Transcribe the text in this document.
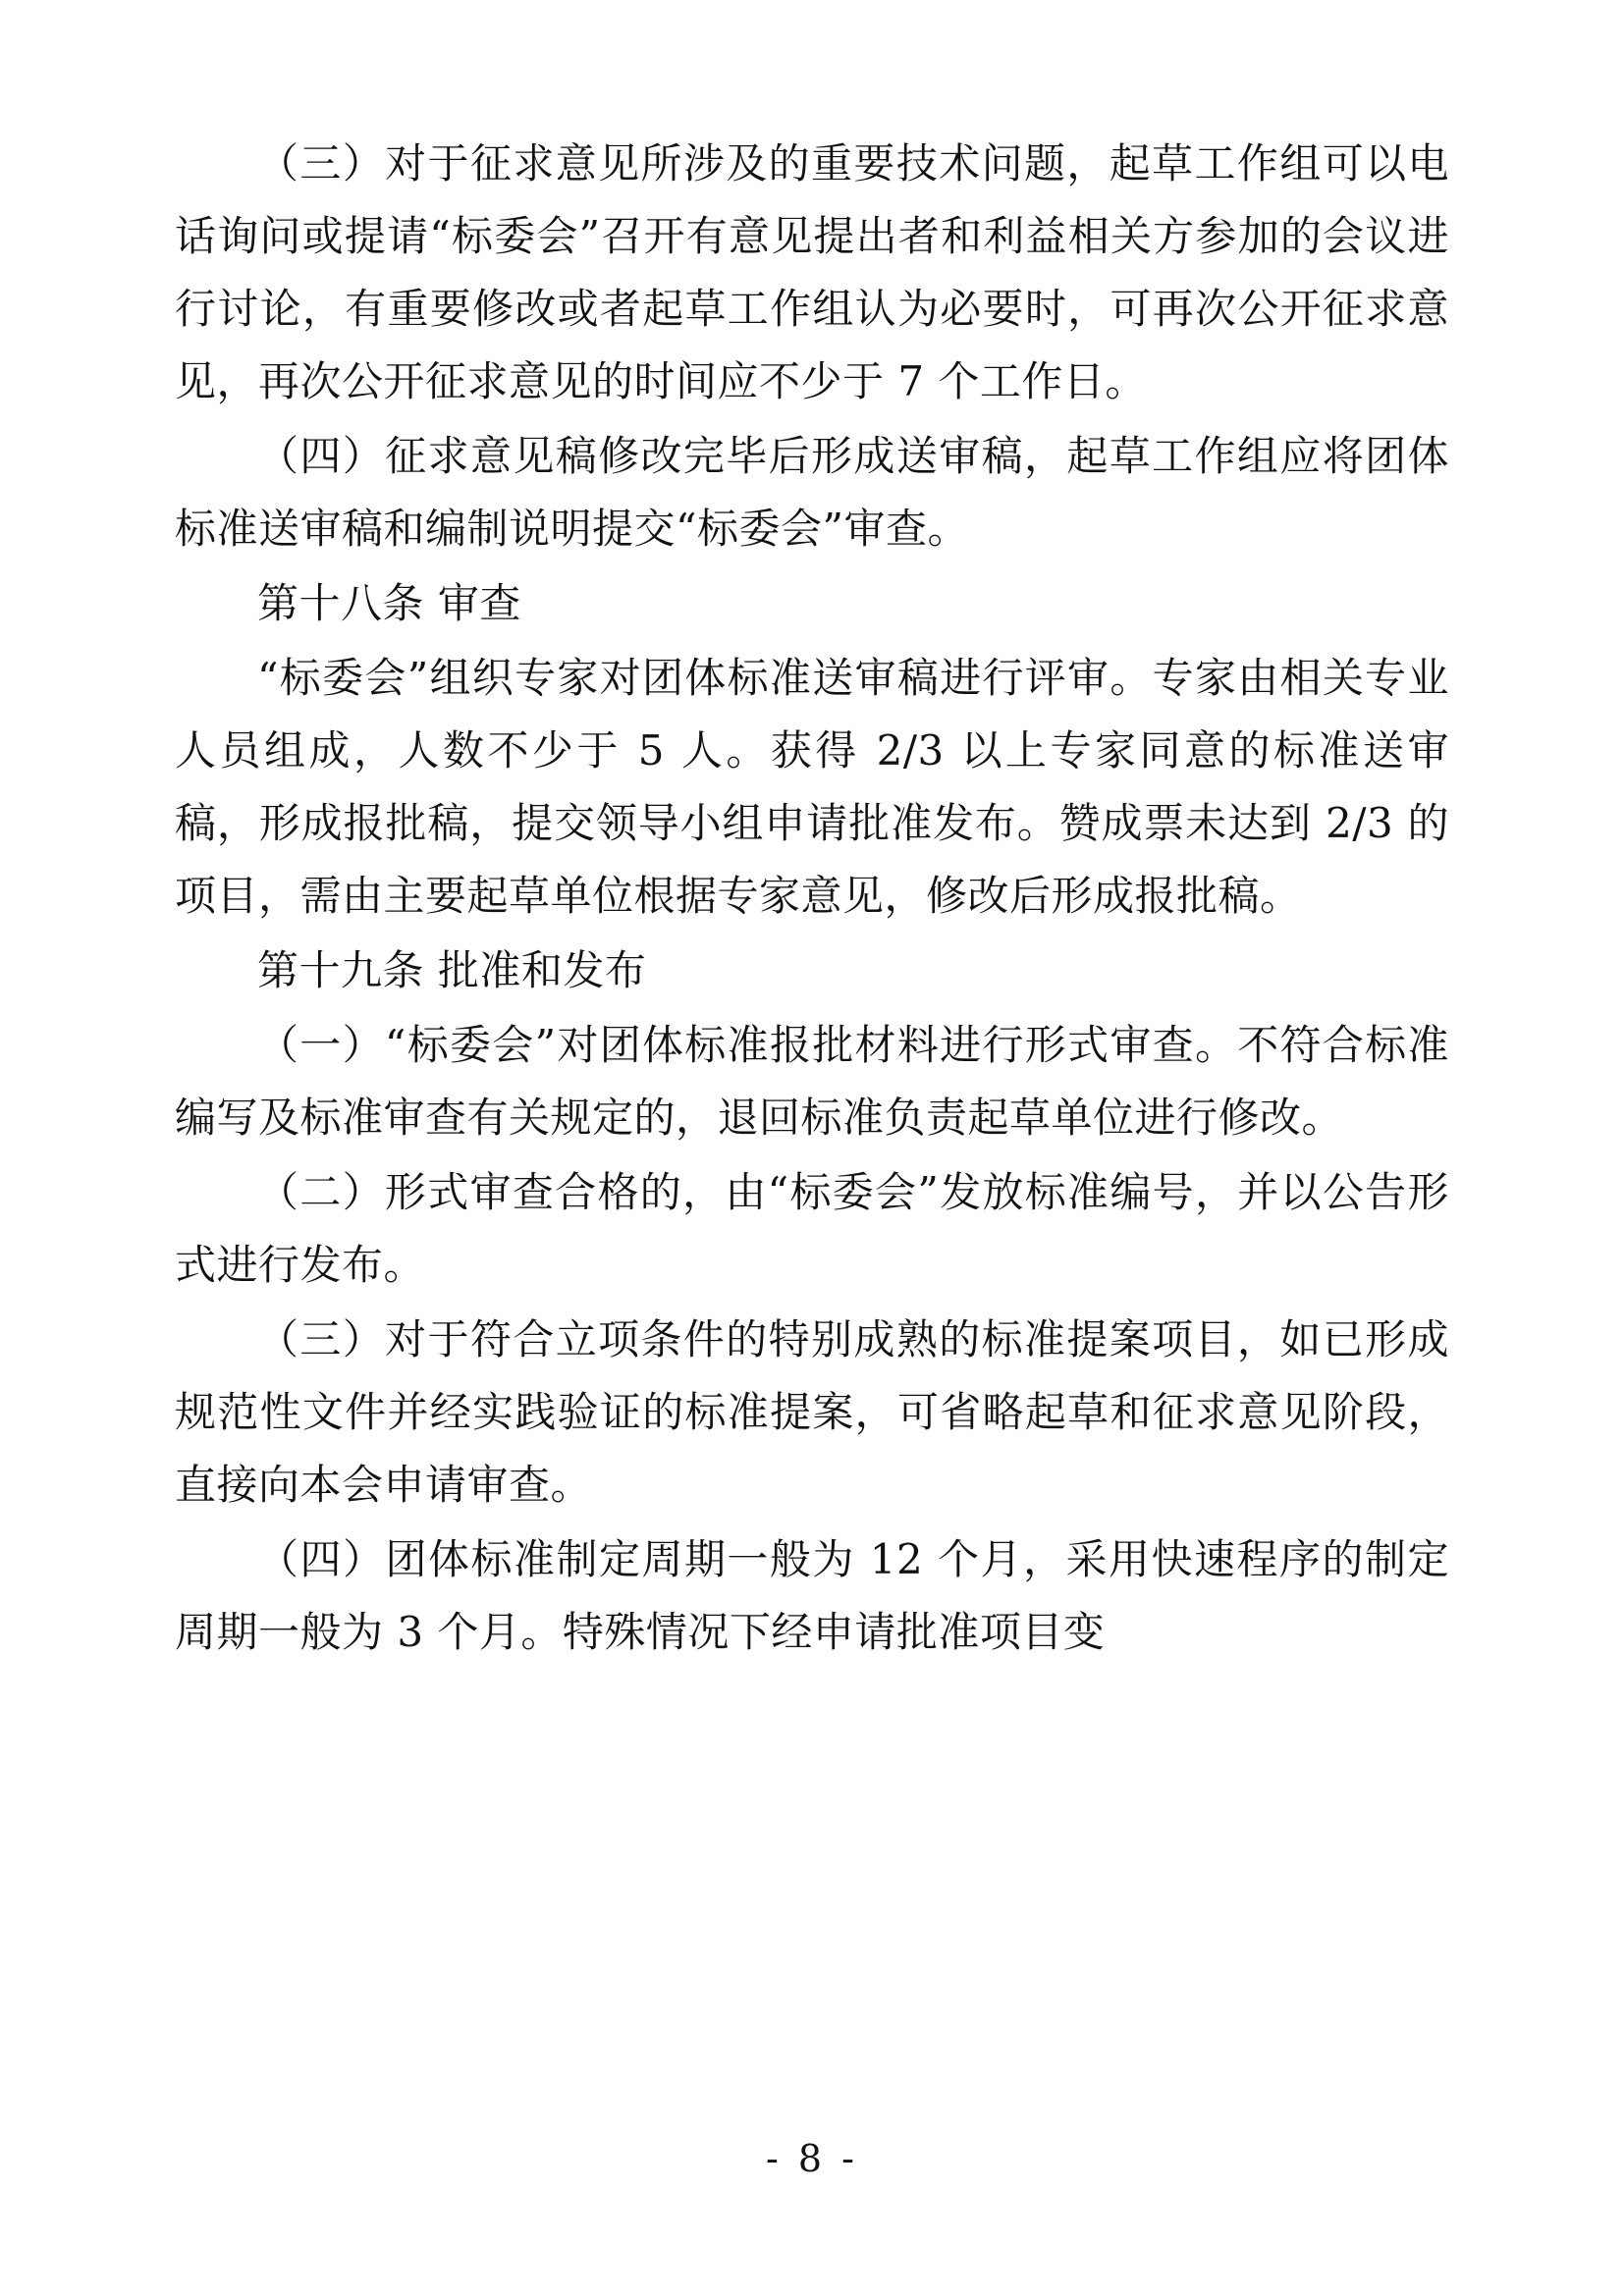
（三）对于征求意见所涉及的重要技术问题，起草工作组可以电话询问或提请“标委会”召开有意见提出者和利益相关方参加的会议进行讨论，有重要修改或者起草工作组认为必要时，可再次公开征求意见，再次公开征求意见的时间应不少于 7 个工作日。

（四）征求意见稿修改完毕后形成送审稿，起草工作组应将团体标准送审稿和编制说明提交“标委会”审查。

第十八条 审查

“标委会”组织专家对团体标准送审稿进行评审。专家由相关专业人员组成，人数不少于 5 人。获得 2/3 以上专家同意的标准送审稿，形成报批稿，提交领导小组申请批准发布。赞成票未达到 2/3 的项目，需由主要起草单位根据专家意见，修改后形成报批稿。

第十九条 批准和发布

（一）“标委会”对团体标准报批材料进行形式审查。不符合标准编写及标准审查有关规定的，退回标准负责起草单位进行修改。

（二）形式审查合格的，由“标委会”发放标准编号，并以公告形式进行发布。

（三）对于符合立项条件的特别成熟的标准提案项目，如已形成规范性文件并经实践验证的标准提案，可省略起草和征求意见阶段，直接向本会申请审查。

（四）团体标准制定周期一般为 12 个月，采用快速程序的制定周期一般为 3 个月。特殊情况下经申请批准项目变

- 8 -
